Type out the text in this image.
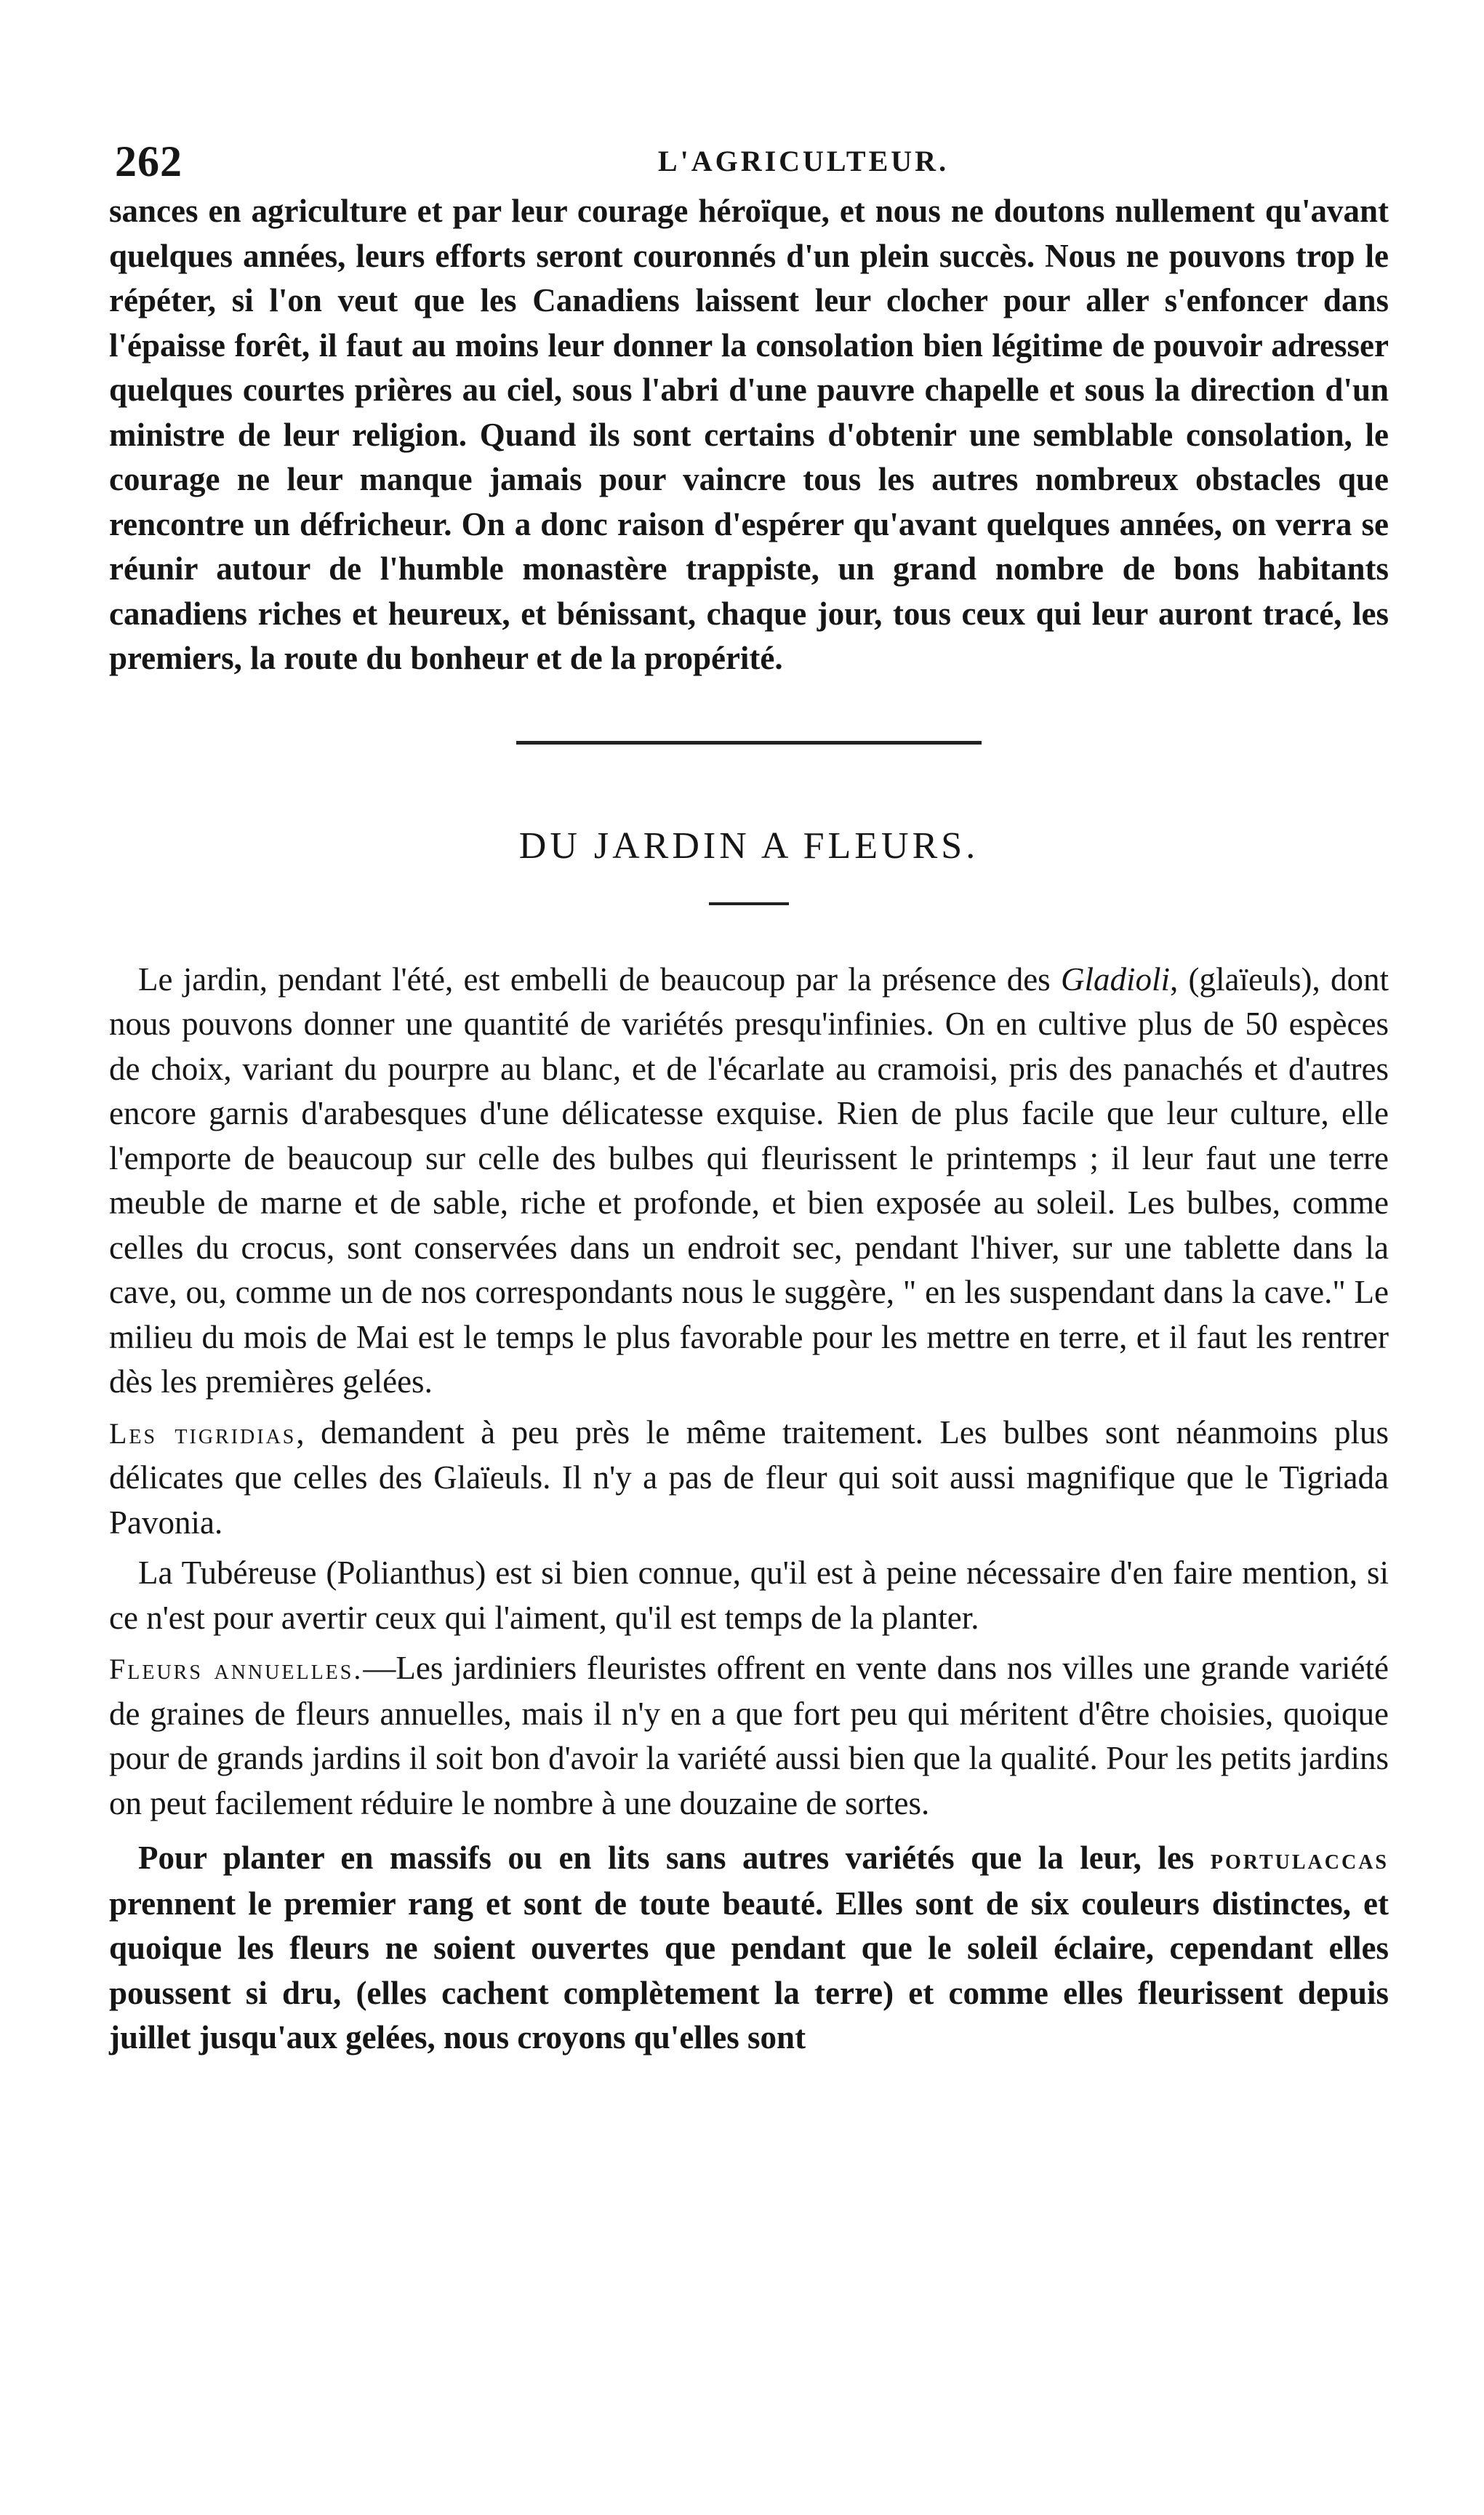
262	L'AGRICULTEUR.

sances en agriculture et par leur courage héroïque, et nous ne doutons nullement qu'avant quelques années, leurs efforts seront couronnés d'un plein succès. Nous ne pouvons trop le répéter, si l'on veut que les Canadiens laissent leur clocher pour aller s'enfoncer dans l'épaisse forêt, il faut au moins leur donner la consolation bien légitime de pouvoir adresser quelques courtes prières au ciel, sous l'abri d'une pauvre chapelle et sous la direction d'un ministre de leur religion. Quand ils sont certains d'obtenir une semblable consolation, le courage ne leur manque jamais pour vaincre tous les autres nombreux obstacles que rencontre un défricheur. On a donc raison d'espérer qu'avant quelques années, on verra se réunir autour de l'humble monastère trappiste, un grand nombre de bons habitants canadiens riches et heureux, et bénissant, chaque jour, tous ceux qui leur auront tracé, les premiers, la route du bonheur et de la propérité.

DU JARDIN A FLEURS.

Le jardin, pendant l'été, est embelli de beaucoup par la présence des Gladioli, (glaïeuls), dont nous pouvons donner une quantité de variétés presqu'infinies. On en cultive plus de 50 espèces de choix, variant du pourpre au blanc, et de l'écarlate au cramoisi, pris des panachés et d'autres encore garnis d'arabesques d'une délicatesse exquise. Rien de plus facile que leur culture, elle l'emporte de beaucoup sur celle des bulbes qui fleurissent le printemps ; il leur faut une terre meuble de marne et de sable, riche et profonde, et bien exposée au soleil. Les bulbes, comme celles du crocus, sont conservées dans un endroit sec, pendant l'hiver, sur une tablette dans la cave, ou, comme un de nos correspondants nous le suggère, " en les suspendant dans la cave." Le milieu du mois de Mai est le temps le plus favorable pour les mettre en terre, et il faut les rentrer dès les premières gelées.

Les tigridias, demandent à peu près le même traitement. Les bulbes sont néanmoins plus délicates que celles des Glaïeuls. Il n'y a pas de fleur qui soit aussi magnifique que le Tigriada Pavonia.

La Tubéreuse (Polianthus) est si bien connue, qu'il est à peine nécessaire d'en faire mention, si ce n'est pour avertir ceux qui l'aiment, qu'il est temps de la planter.

Fleurs annuelles.—Les jardiniers fleuristes offrent en vente dans nos villes une grande variété de graines de fleurs annuelles, mais il n'y en a que fort peu qui méritent d'être choisies, quoique pour de grands jardins il soit bon d'avoir la variété aussi bien que la qualité. Pour les petits jardins on peut facilement réduire le nombre à une douzaine de sortes.

Pour planter en massifs ou en lits sans autres variétés que la leur, les portulaccas prennent le premier rang et sont de toute beauté. Elles sont de six couleurs distinctes, et quoique les fleurs ne soient ouvertes que pendant que le soleil éclaire, cependant elles poussent si dru, (elles cachent complètement la terre) et comme elles fleurissent depuis juillet jusqu'aux gelées, nous croyons qu'elles sont
